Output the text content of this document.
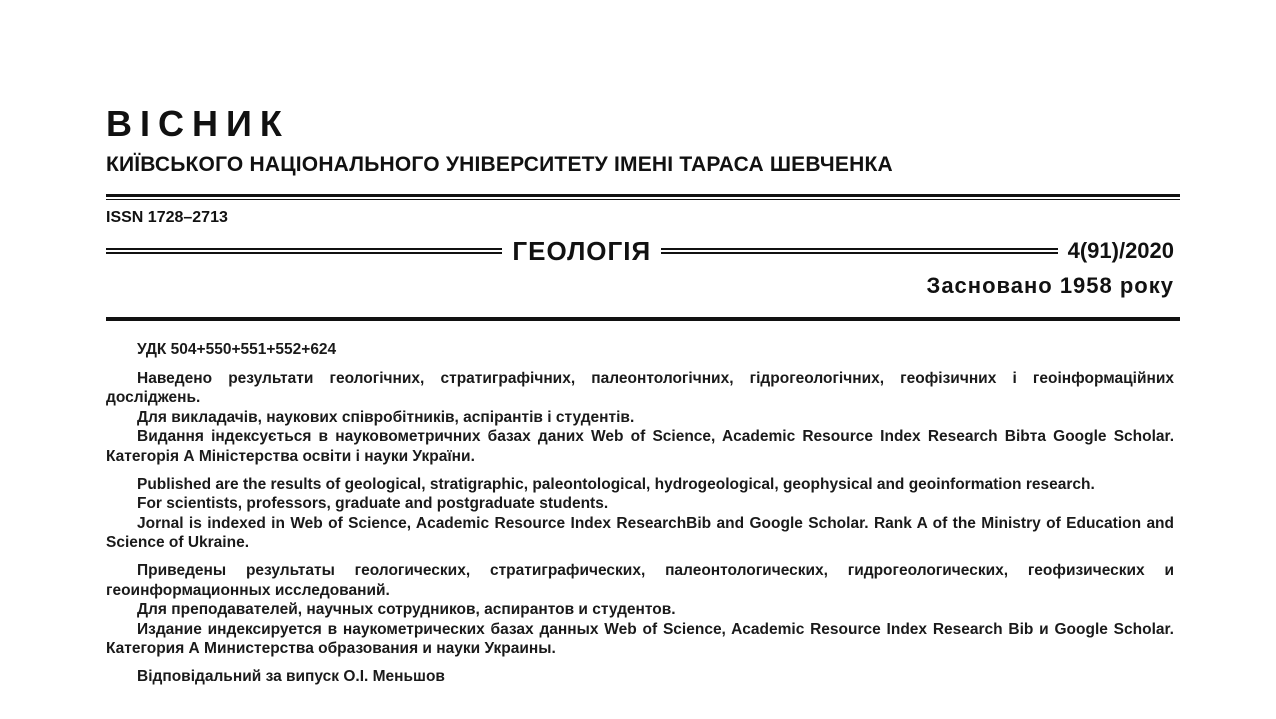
ВІСНИК
КИЇВСЬКОГО НАЦІОНАЛЬНОГО УНІВЕРСИТЕТУ ІМЕНІ ТАРАСА ШЕВЧЕНКА
ISSN 1728–2713
ГЕОЛОГІЯ	4(91)/2020
Засновано 1958 року

УДК 504+550+551+552+624

Наведено результати геологічних, стратиграфічних, палеонтологічних, гідрогеологічних, геофізичних і геоінформаційних досліджень.

Для викладачів, наукових співробітників, аспірантів і студентів.

Видання індексується в науковометричних базах даних Web of Science, Academic Resource Index Research Bibта Google Scholar. Категорія А Міністерства освіти і науки України.

Published are the results of geological, stratigraphic, paleontological, hydrogeological, geophysical and geoinformation research.

For scientists, professors, graduate and postgraduate students.

Jornal is indexed in Web of Science, Academic Resource Index ResearchBib and Google Scholar. Rank A of the Ministry of Education and Science of Ukraine.

Приведены результаты геологических, стратиграфических, палеонтологических, гидрогеологических, геофизических и геоинформационных исследований.

Для преподавателей, научных сотрудников, аспирантов и студентов.

Издание индексируется в наукометрических базах данных Web of Science, Academic Resource Index Research Bib и Google Scholar. Категория А Министерства образования и науки Украины.

Відповідальний за випуск О.І. Меньшов
